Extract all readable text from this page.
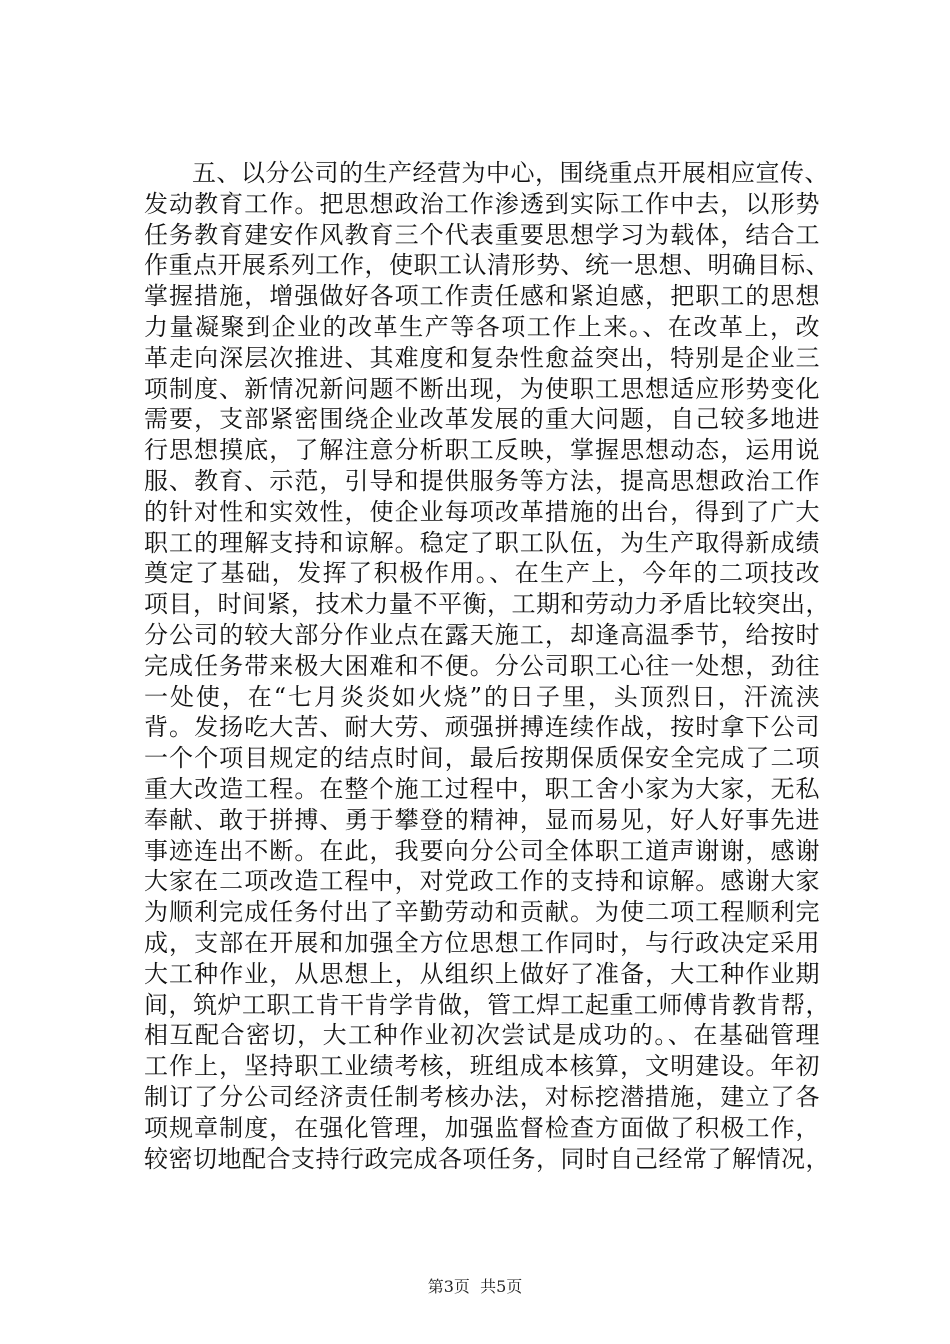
五、以分公司的生产经营为中心，围绕重点开展相应宣传、
发动教育工作。把思想政治工作渗透到实际工作中去，以形势
任务教育建安作风教育三个代表重要思想学习为载体，结合工
作重点开展系列工作，使职工认清形势、统一思想、明确目标、
掌握措施，增强做好各项工作责任感和紧迫感，把职工的思想
力量凝聚到企业的改革生产等各项工作上来。、在改革上，改
革走向深层次推进、其难度和复杂性愈益突出，特别是企业三
项制度、新情况新问题不断出现，为使职工思想适应形势变化
需要，支部紧密围绕企业改革发展的重大问题，自己较多地进
行思想摸底，了解注意分析职工反映，掌握思想动态，运用说
服、教育、示范，引导和提供服务等方法，提高思想政治工作
的针对性和实效性，使企业每项改革措施的出台，得到了广大
职工的理解支持和谅解。稳定了职工队伍，为生产取得新成绩
奠定了基础，发挥了积极作用。、在生产上，今年的二项技改
项目，时间紧，技术力量不平衡，工期和劳动力矛盾比较突出，
分公司的较大部分作业点在露天施工，却逢高温季节，给按时
完成任务带来极大困难和不便。分公司职工心往一处想，劲往
一处使，在“七月炎炎如火烧”的日子里，头顶烈日，汗流浃
背。发扬吃大苦、耐大劳、顽强拼搏连续作战，按时拿下公司
一个个项目规定的结点时间，最后按期保质保安全完成了二项
重大改造工程。在整个施工过程中，职工舍小家为大家，无私
奉献、敢于拼搏、勇于攀登的精神，显而易见，好人好事先进
事迹连出不断。在此，我要向分公司全体职工道声谢谢，感谢
大家在二项改造工程中，对党政工作的支持和谅解。感谢大家
为顺利完成任务付出了辛勤劳动和贡献。为使二项工程顺利完
成，支部在开展和加强全方位思想工作同时，与行政决定采用
大工种作业，从思想上，从组织上做好了准备，大工种作业期
间，筑炉工职工肯干肯学肯做，管工焊工起重工师傅肯教肯帮，
相互配合密切，大工种作业初次尝试是成功的。、在基础管理
工作上，坚持职工业绩考核，班组成本核算，文明建设。年初
制订了分公司经济责任制考核办法，对标挖潜措施，建立了各
项规章制度，在强化管理，加强监督检查方面做了积极工作，
较密切地配合支持行政完成各项任务，同时自己经常了解情况，
第3页 共5页
